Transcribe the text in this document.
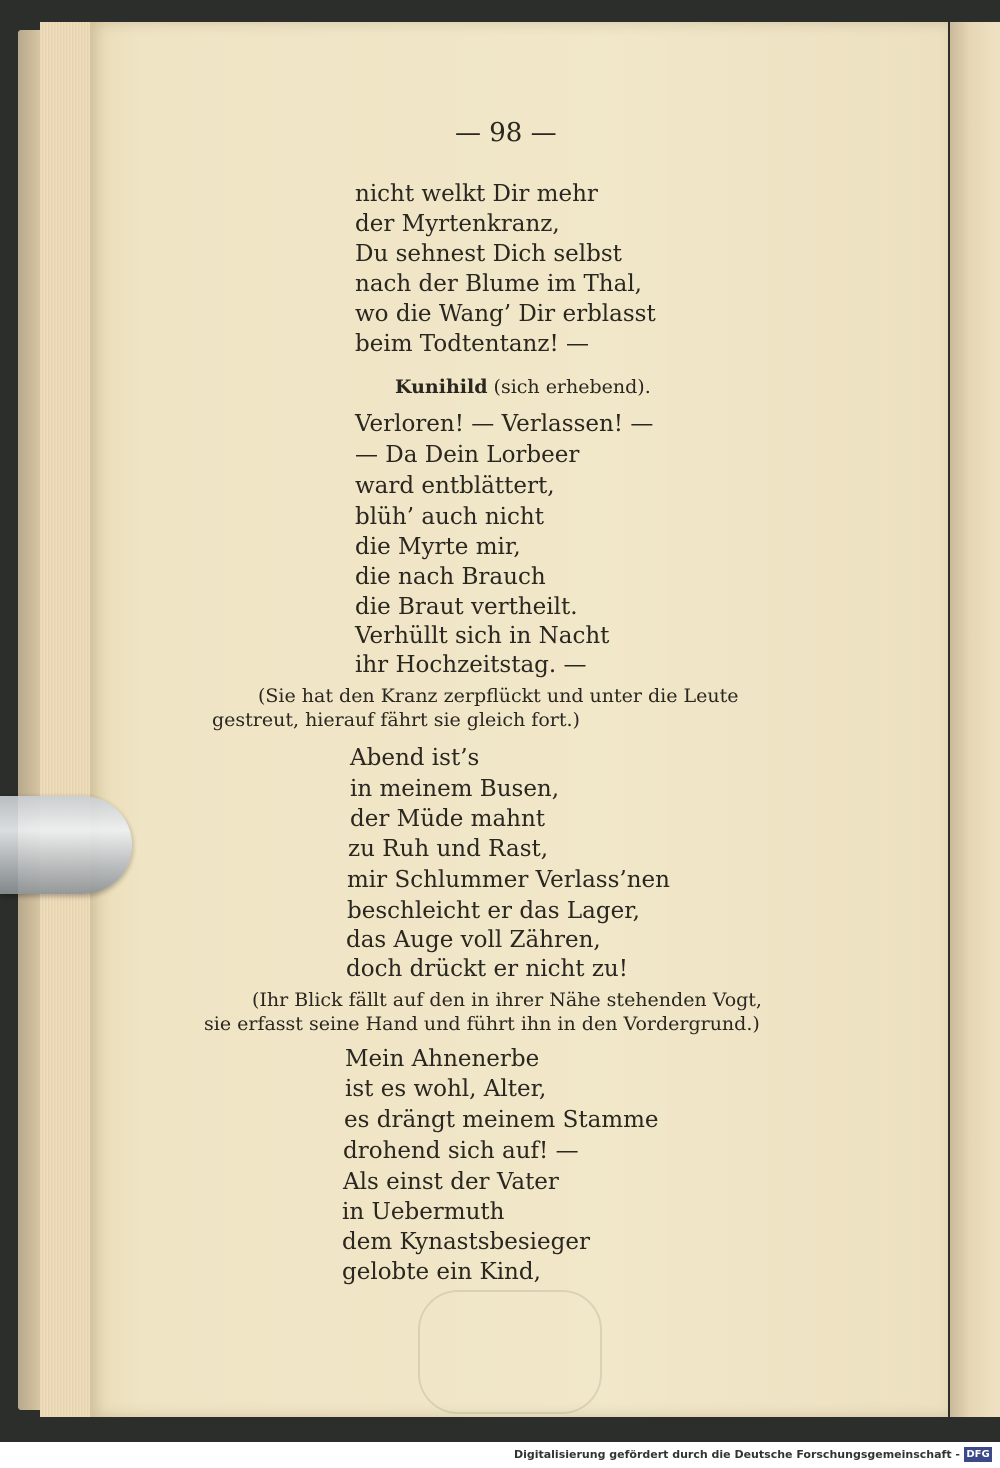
— 98 —
nicht welkt Dir mehr
der Myrtenkranz,
Du sehnest Dich selbst
nach der Blume im Thal,
wo die Wang’ Dir erblasst
beim Todtentanz! —
Kunihild (sich erhebend).
Verloren! — Verlassen! —
— Da Dein Lorbeer
ward entblättert,
blüh’ auch nicht
die Myrte mir,
die nach Brauch
die Braut vertheilt.
Verhüllt sich in Nacht
ihr Hochzeitstag. —
(Sie hat den Kranz zerpflückt und unter die Leute
gestreut, hierauf fährt sie gleich fort.)
Abend ist’s
in meinem Busen,
der Müde mahnt
zu Ruh und Rast,
mir Schlummer Verlass’nen
beschleicht er das Lager,
das Auge voll Zähren,
doch drückt er nicht zu!
(Ihr Blick fällt auf den in ihrer Nähe stehenden Vogt,
sie erfasst seine Hand und führt ihn in den Vordergrund.)
Mein Ahnenerbe
ist es wohl, Alter,
es drängt meinem Stamme
drohend sich auf! —
Als einst der Vater
in Uebermuth
dem Kynastsbesieger
gelobte ein Kind,
Digitalisierung gefördert durch die Deutsche Forschungsgemeinschaft - DFG
